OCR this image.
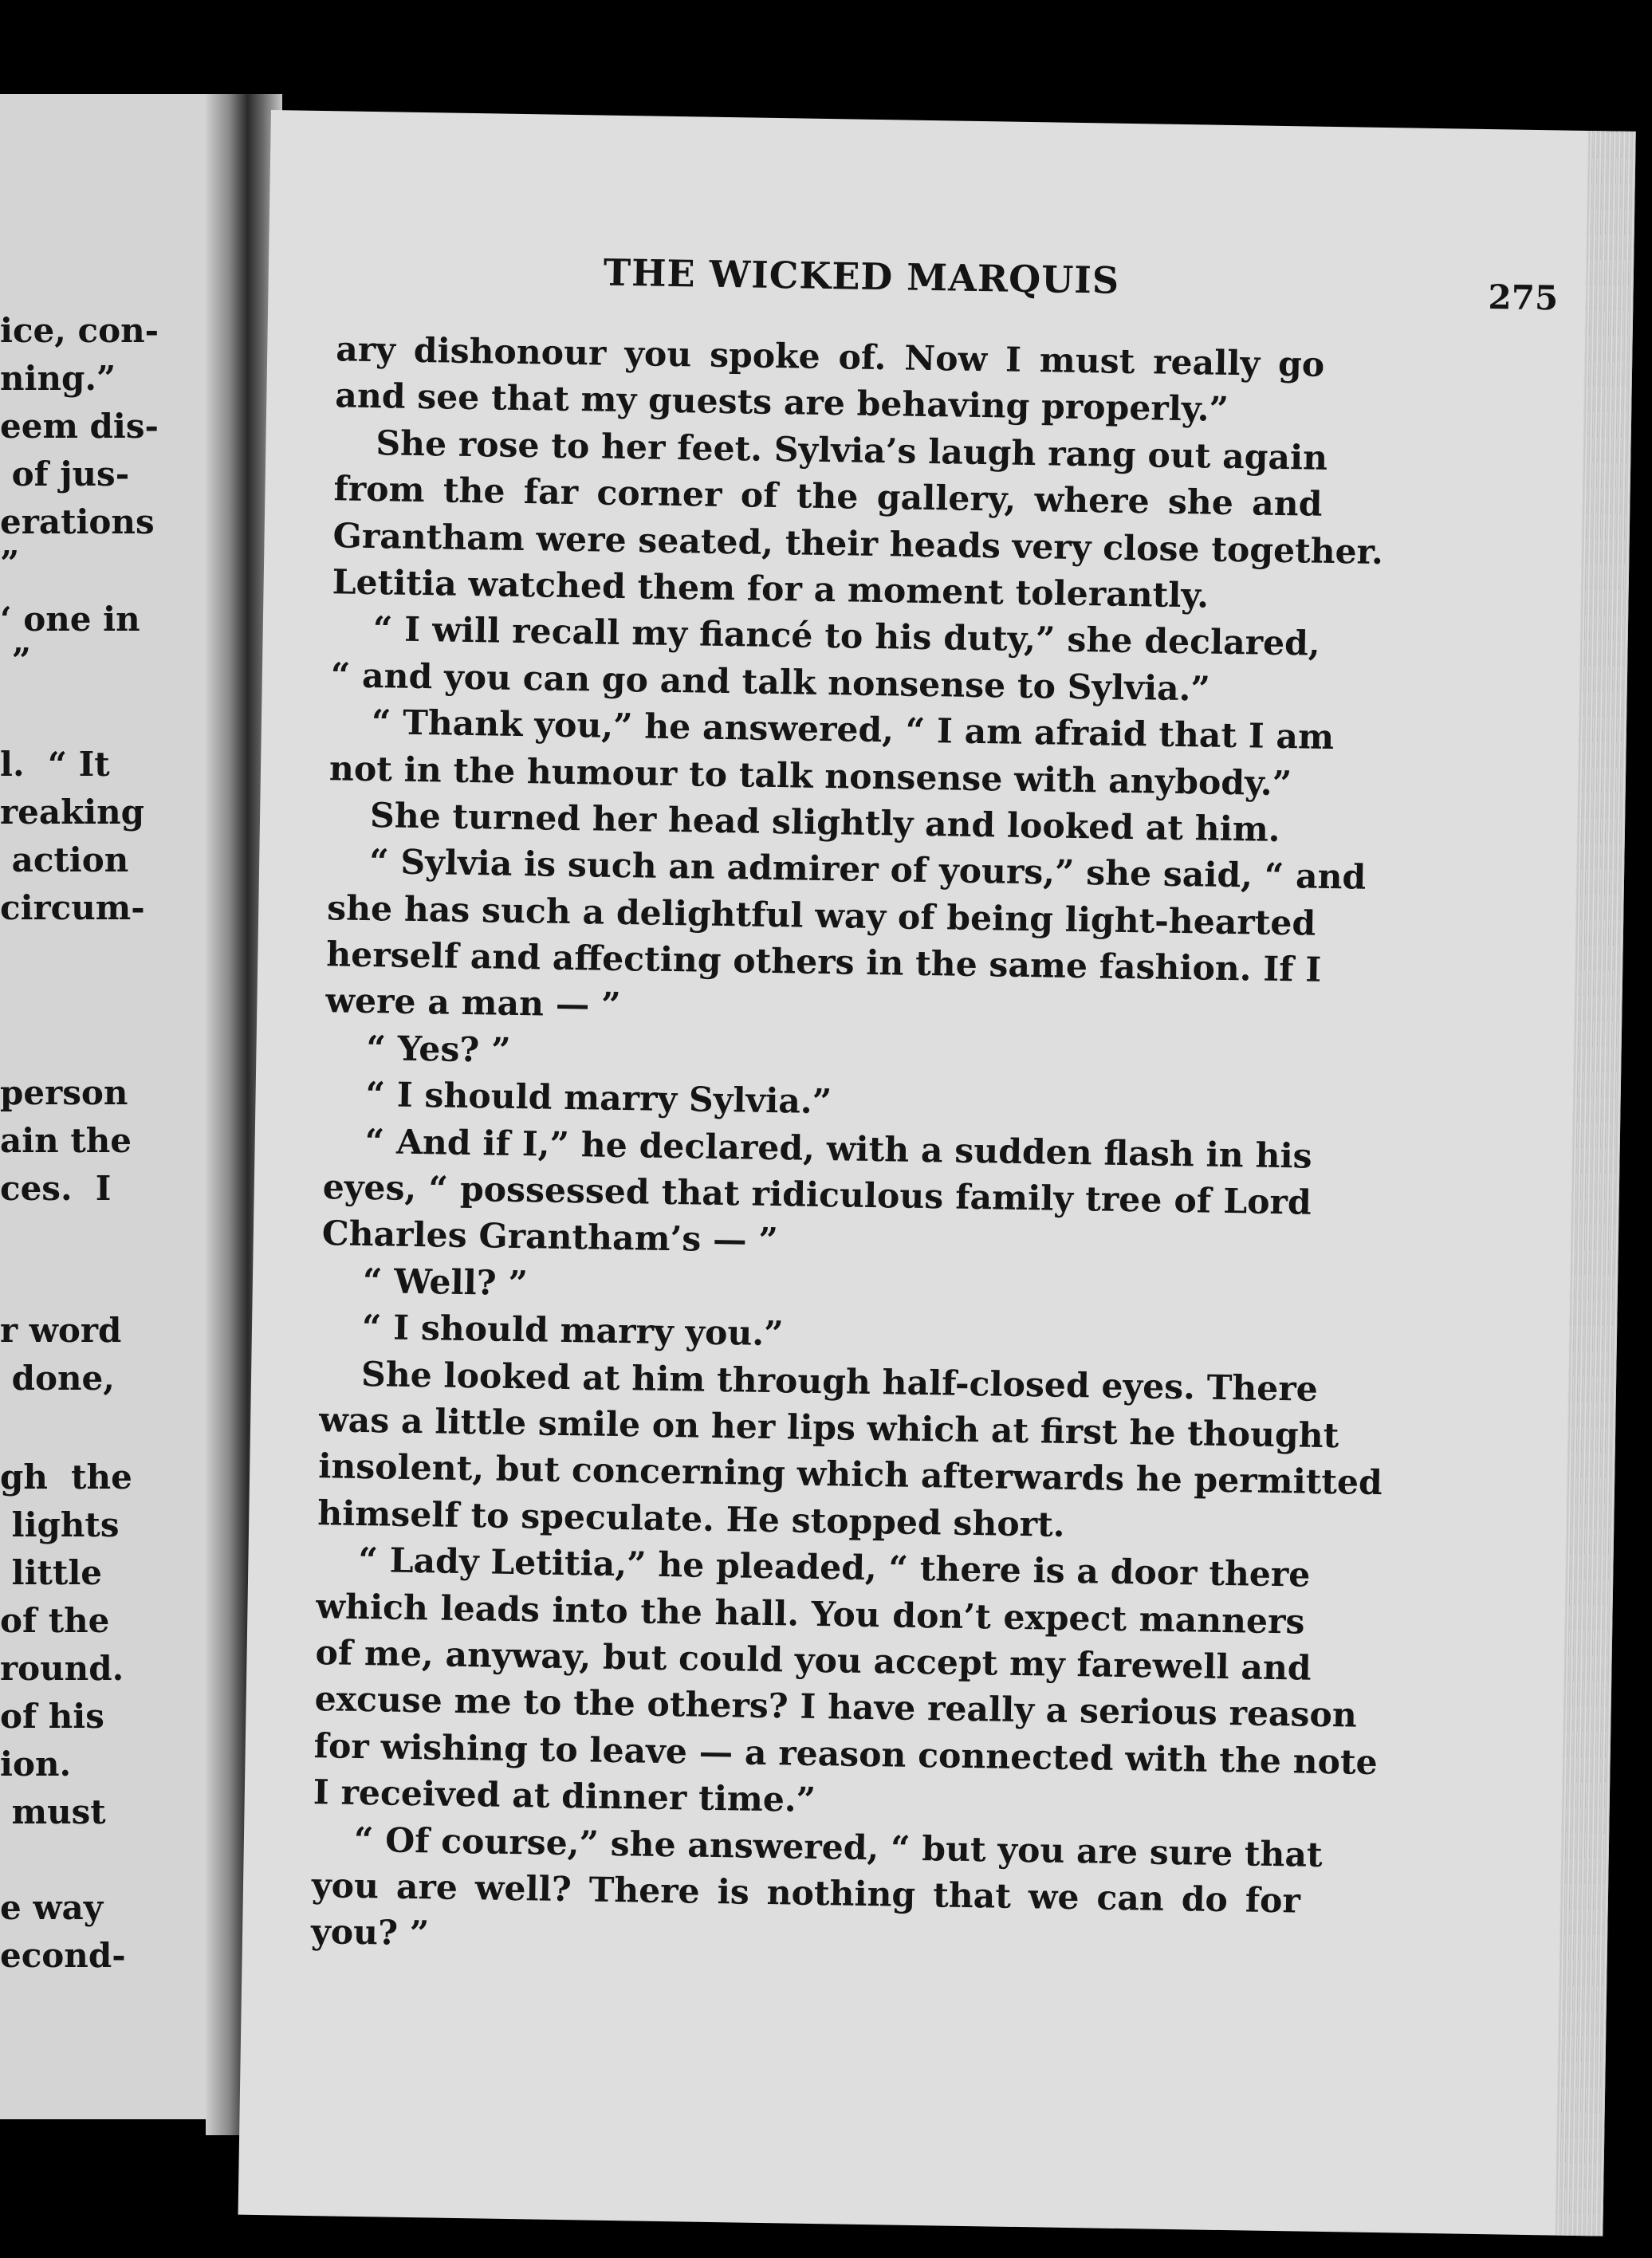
ice, con-
ning.”
eem dis-
of jus-
erations
”
‘ one in
”
l.  “ It
reaking
action
circum-
person
ain the
ces.  I
r word
done,
gh  the
lights
little
of the
round.
of his
ion.
must
e way
econd-
THE WICKED MARQUIS	275
ary dishonour you spoke of. Now I must really go
and see that my guests are behaving properly.”
She rose to her feet. Sylvia’s laugh rang out again
from the far corner of the gallery, where she and
Grantham were seated, their heads very close together.
Letitia watched them for a moment tolerantly.
“ I will recall my fiancé to his duty,” she declared,
“ and you can go and talk nonsense to Sylvia.”
“ Thank you,” he answered, “ I am afraid that I am
not in the humour to talk nonsense with anybody.”
She turned her head slightly and looked at him.
“ Sylvia is such an admirer of yours,” she said, “ and
she has such a delightful way of being light-hearted
herself and affecting others in the same fashion. If I
were a man — ”
“ Yes? ”
“ I should marry Sylvia.”
“ And if I,” he declared, with a sudden flash in his
eyes, “ possessed that ridiculous family tree of Lord
Charles Grantham’s — ”
“ Well? ”
“ I should marry you.”
She looked at him through half-closed eyes. There
was a little smile on her lips which at first he thought
insolent, but concerning which afterwards he permitted
himself to speculate. He stopped short.
“ Lady Letitia,” he pleaded, “ there is a door there
which leads into the hall. You don’t expect manners
of me, anyway, but could you accept my farewell and
excuse me to the others? I have really a serious reason
for wishing to leave — a reason connected with the note
I received at dinner time.”
“ Of course,” she answered, “ but you are sure that
you are well? There is nothing that we can do for
you? ”
